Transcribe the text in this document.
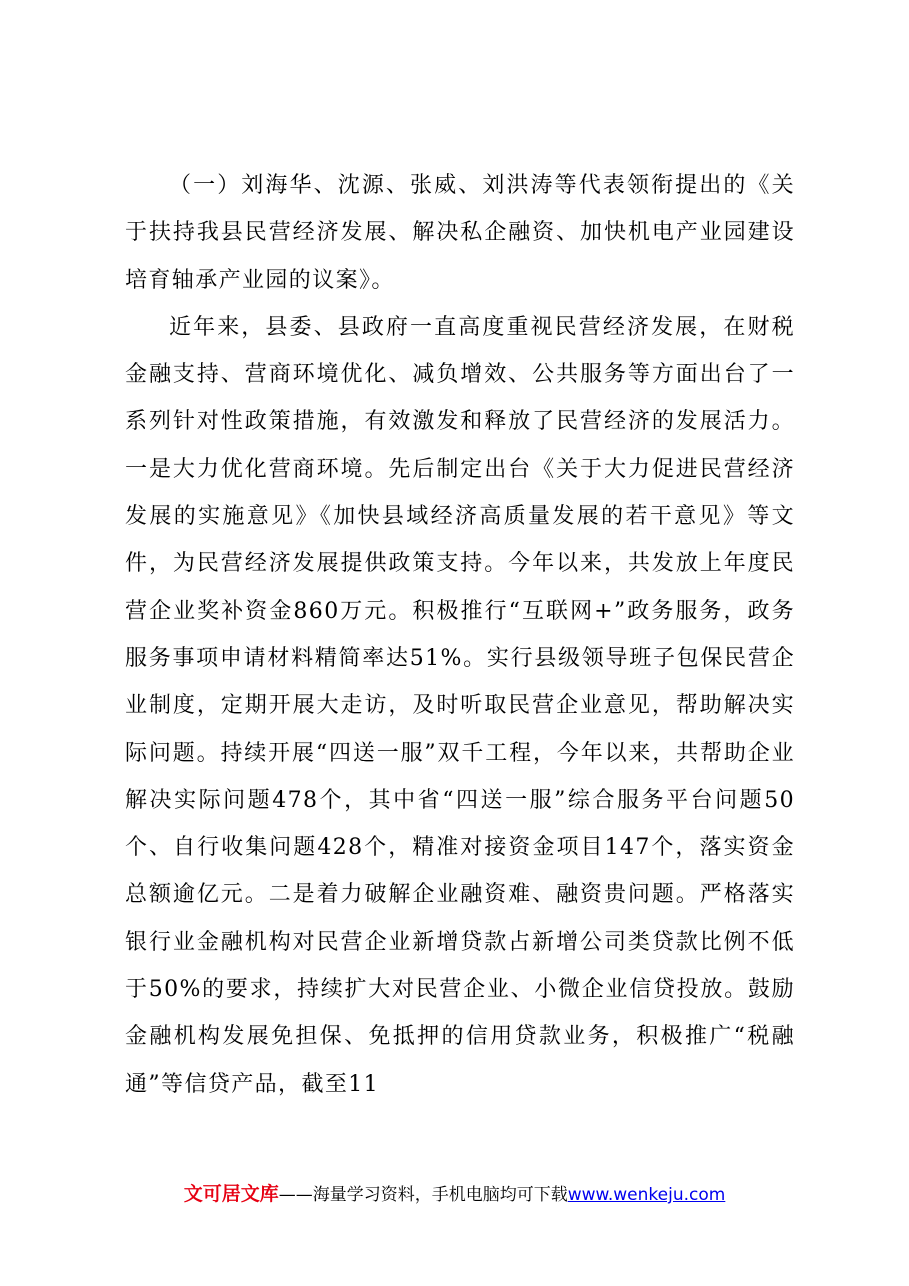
（一）刘海华、沈源、张威、刘洪涛等代表领衔提出的《关于扶持我县民营经济发展、解决私企融资、加快机电产业园建设培育轴承产业园的议案》。

近年来，县委、县政府一直高度重视民营经济发展，在财税金融支持、营商环境优化、减负增效、公共服务等方面出台了一系列针对性政策措施，有效激发和释放了民营经济的发展活力。一是大力优化营商环境。先后制定出台《关于大力促进民营经济发展的实施意见》《加快县域经济高质量发展的若干意见》等文件，为民营经济发展提供政策支持。今年以来，共发放上年度民营企业奖补资金860万元。积极推行“互联网+”政务服务，政务服务事项申请材料精简率达51%。实行县级领导班子包保民营企业制度，定期开展大走访，及时听取民营企业意见，帮助解决实际问题。持续开展“四送一服”双千工程，今年以来，共帮助企业解决实际问题478个，其中省“四送一服”综合服务平台问题50个、自行收集问题428个，精准对接资金项目147个，落实资金总额逾亿元。二是着力破解企业融资难、融资贵问题。严格落实银行业金融机构对民营企业新增贷款占新增公司类贷款比例不低于50%的要求，持续扩大对民营企业、小微企业信贷投放。鼓励金融机构发展免担保、免抵押的信用贷款业务，积极推广“税融通”等信贷产品，截至11

文可居文库——海量学习资料，手机电脑均可下载www.wenkeju.com
